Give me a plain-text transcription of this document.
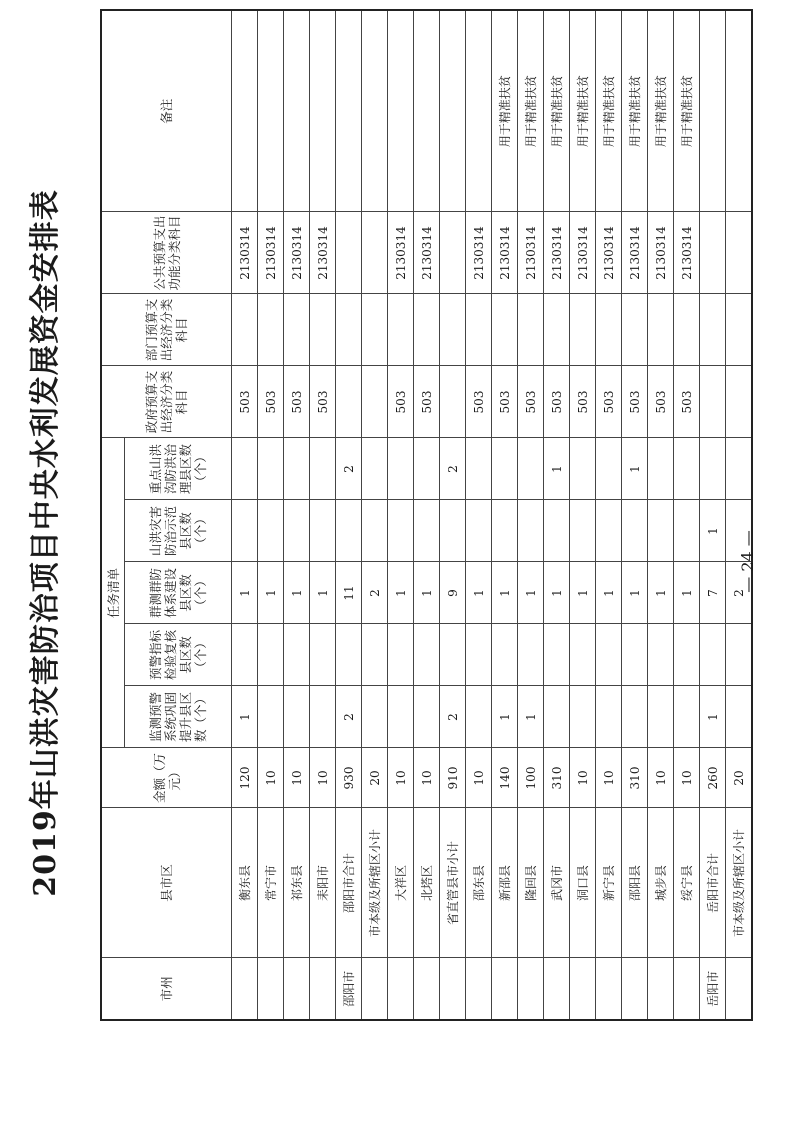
2019年山洪灾害防治项目中央水利发展资金安排表
市州	县市区	金额（万元）	任务清单					政府预算支出经济分类科目	部门预算支出经济分类科目	公共预算支出功能分类科目	备注
			监测预警系统巩固提升县区数（个）	预警指标检验复核县区数（个）	群测群防体系建设县区数（个）	山洪灾害防治示范县区数（个）	重点山洪沟防洪治理县区数（个）				
	衡东县	120	1		1			503		2130314	
	常宁市	10			1			503		2130314	
	祁东县	10			1			503		2130314	
	耒阳市	10			1			503		2130314	
邵阳市	邵阳市合计	930	2		11		2				
	市本级及所辖区小计	20			2						
	大祥区	10			1			503		2130314	
	北塔区	10			1			503		2130314	
	省直管县市小计	910	2		9		2				
	邵东县	10			1			503		2130314	
	新邵县	140	1		1			503		2130314	用于精准扶贫
	隆回县	100	1		1			503		2130314	用于精准扶贫
	武冈市	310			1		1	503		2130314	用于精准扶贫
	洞口县	10			1			503		2130314	用于精准扶贫
	新宁县	10			1			503		2130314	用于精准扶贫
	邵阳县	310			1		1	503		2130314	用于精准扶贫
	城步县	10			1			503		2130314	用于精准扶贫
	绥宁县	10			1			503		2130314	用于精准扶贫
岳阳市	岳阳市合计	260	1		7	1					
	市本级及所辖区小计	20			2						
— 24 —
